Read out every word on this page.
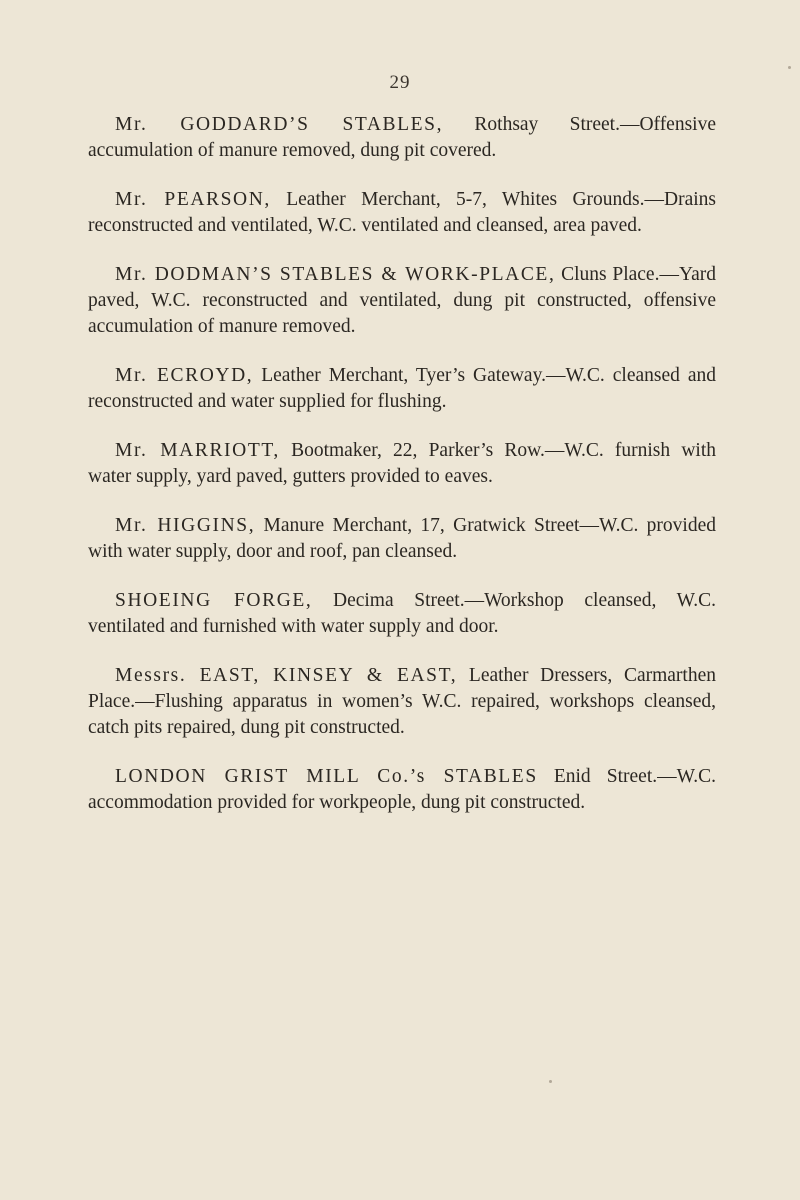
29

Mr. GODDARD’S STABLES, Rothsay Street.—Offensive accumulation of manure removed, dung pit covered.

Mr. PEARSON, Leather Merchant, 5-7, Whites Grounds.—Drains reconstructed and ventilated, W.C. ventilated and cleansed, area paved.

Mr. DODMAN’S STABLES & WORK-PLACE, Cluns Place.—Yard paved, W.C. reconstructed and ventilated, dung pit constructed, offensive accumulation of manure removed.

Mr. ECROYD, Leather Merchant, Tyer’s Gateway.—W.C. cleansed and reconstructed and water supplied for flushing.

Mr. MARRIOTT, Bootmaker, 22, Parker’s Row.—W.C. furnish with water supply, yard paved, gutters provided to eaves.

Mr. HIGGINS, Manure Merchant, 17, Gratwick Street—W.C. provided with water supply, door and roof, pan cleansed.

SHOEING FORGE, Decima Street.—Workshop cleansed, W.C. ventilated and furnished with water supply and door.

Messrs. EAST, KINSEY & EAST, Leather Dressers, Carmarthen Place.—Flushing apparatus in women’s W.C. repaired, workshops cleansed, catch pits repaired, dung pit constructed.

LONDON GRIST MILL Co.’s STABLES Enid Street.—W.C. accommodation provided for workpeople, dung pit constructed.
